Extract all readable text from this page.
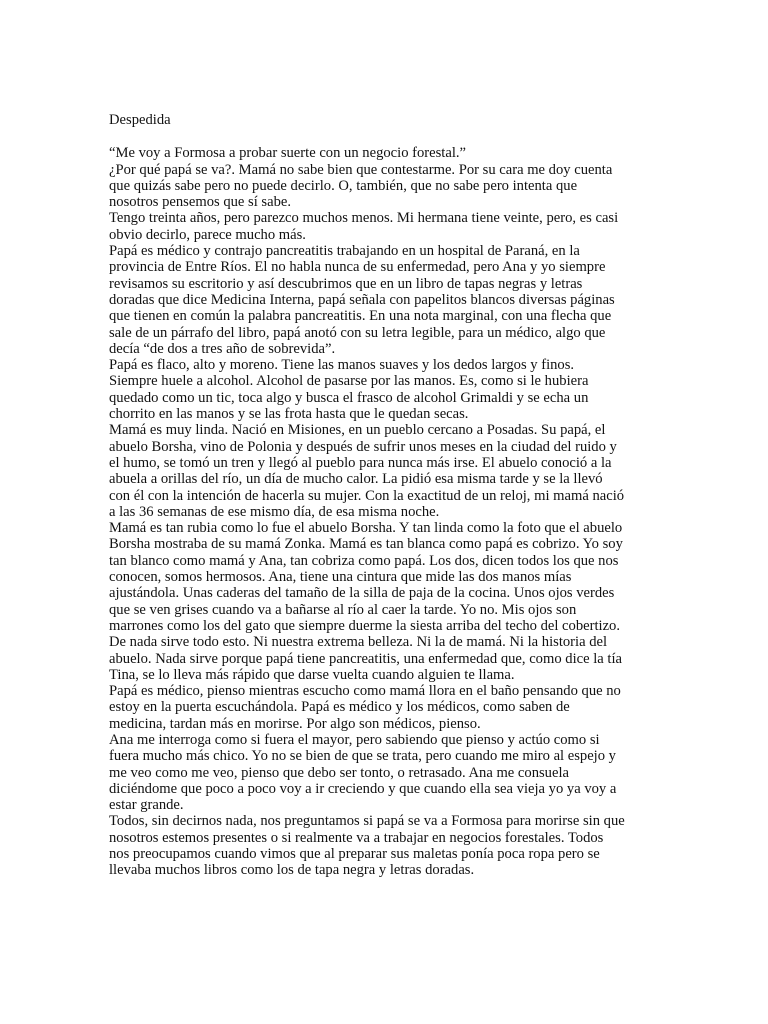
Despedida
“Me voy a Formosa a probar suerte con un negocio forestal.”
¿Por qué papá se va?. Mamá no sabe bien que contestarme. Por su cara me doy cuenta
que quizás sabe pero no puede decirlo. O, también, que no sabe pero intenta que
nosotros pensemos que sí sabe.
Tengo treinta años, pero parezco muchos menos. Mi hermana tiene veinte, pero, es casi
obvio decirlo, parece mucho más.
Papá es médico y contrajo pancreatitis trabajando en un hospital de Paraná, en la
provincia de Entre Ríos. El no habla nunca de su enfermedad, pero Ana y yo siempre
revisamos su escritorio y así descubrimos que en un libro de tapas negras y letras
doradas que dice Medicina Interna, papá señala con papelitos blancos diversas páginas
que tienen en común la palabra pancreatitis. En una nota marginal, con una flecha que
sale de un párrafo del libro, papá anotó con su letra legible, para un médico, algo que
decía “de dos a tres año de sobrevida”.
Papá es flaco, alto y moreno. Tiene las manos suaves y los dedos largos y finos.
Siempre huele a alcohol. Alcohol de pasarse por las manos. Es, como si le hubiera
quedado como un tic, toca algo y busca el frasco de alcohol Grimaldi y se echa un
chorrito en las manos y se las frota hasta que le quedan secas.
Mamá es muy linda. Nació en Misiones, en un pueblo cercano a Posadas. Su papá, el
abuelo Borsha, vino de Polonia y después de sufrir unos meses en la ciudad del ruido y
el humo, se tomó un tren y llegó al pueblo para nunca más irse. El abuelo conoció a la
abuela a orillas del río, un día de mucho calor. La pidió esa misma tarde y se la llevó
con él con la intención de hacerla su mujer. Con la exactitud de un reloj, mi mamá nació
a las 36 semanas de ese mismo día, de esa misma noche.
Mamá es tan rubia como lo fue el abuelo Borsha. Y tan linda como la foto que el abuelo
Borsha mostraba de su mamá Zonka. Mamá es tan blanca como papá es cobrizo. Yo soy
tan blanco como mamá y Ana, tan cobriza como papá. Los dos, dicen todos los que nos
conocen, somos hermosos. Ana, tiene una cintura que mide las dos manos mías
ajustándola. Unas caderas del tamaño de la silla de paja de la cocina. Unos ojos verdes
que se ven grises cuando va a bañarse al río al caer la tarde. Yo no. Mis ojos son
marrones como los del gato que siempre duerme la siesta arriba del techo del cobertizo.
De nada sirve todo esto. Ni nuestra extrema belleza. Ni la de mamá. Ni la historia del
abuelo. Nada sirve porque papá tiene pancreatitis, una enfermedad que, como dice la tía
Tina, se lo lleva más rápido que darse vuelta cuando alguien te llama.
Papá es médico, pienso mientras escucho como mamá llora en el baño pensando que no
estoy en la puerta escuchándola. Papá es médico y los médicos, como saben de
medicina, tardan más en morirse. Por algo son médicos, pienso.
Ana me interroga como si fuera el mayor, pero sabiendo que pienso y actúo como si
fuera mucho más chico. Yo no se bien de que se trata, pero cuando me miro al espejo y
me veo como me veo, pienso que debo ser tonto, o retrasado. Ana me consuela
diciéndome que poco a poco voy a ir creciendo y que cuando ella sea vieja yo ya voy a
estar grande.
Todos, sin decirnos nada, nos preguntamos si papá se va a Formosa para morirse sin que
nosotros estemos presentes o si realmente va a trabajar en negocios forestales. Todos
nos preocupamos cuando vimos que al preparar sus maletas ponía poca ropa pero se
llevaba muchos libros como los de tapa negra y letras doradas.
